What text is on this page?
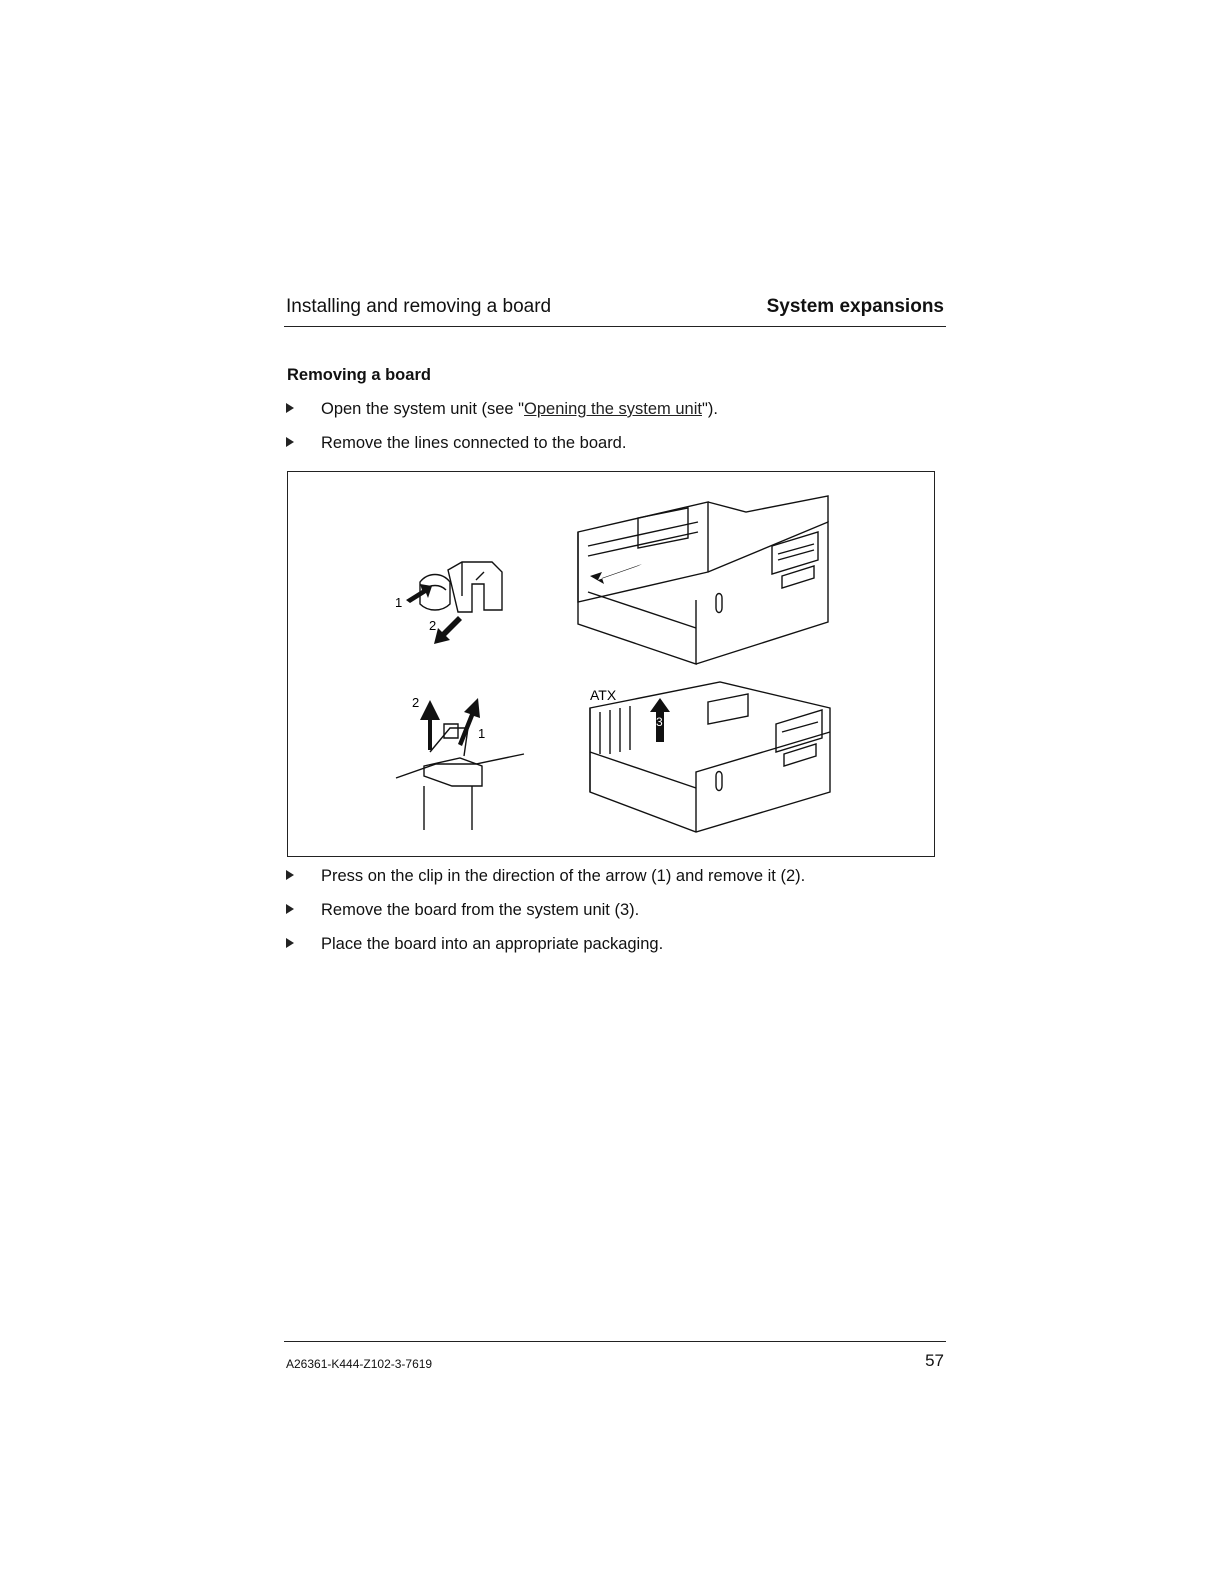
Installing and removing a board	System expansions
Removing a board
Open the system unit (see "Opening the system unit").
Remove the lines connected to the board.
1
2
3
2
1
ATX
3
Press on the clip in the direction of the arrow (1) and remove it (2).
Remove the board from the system unit (3).
Place the board into an appropriate packaging.
A26361-K444-Z102-3-7619	57
